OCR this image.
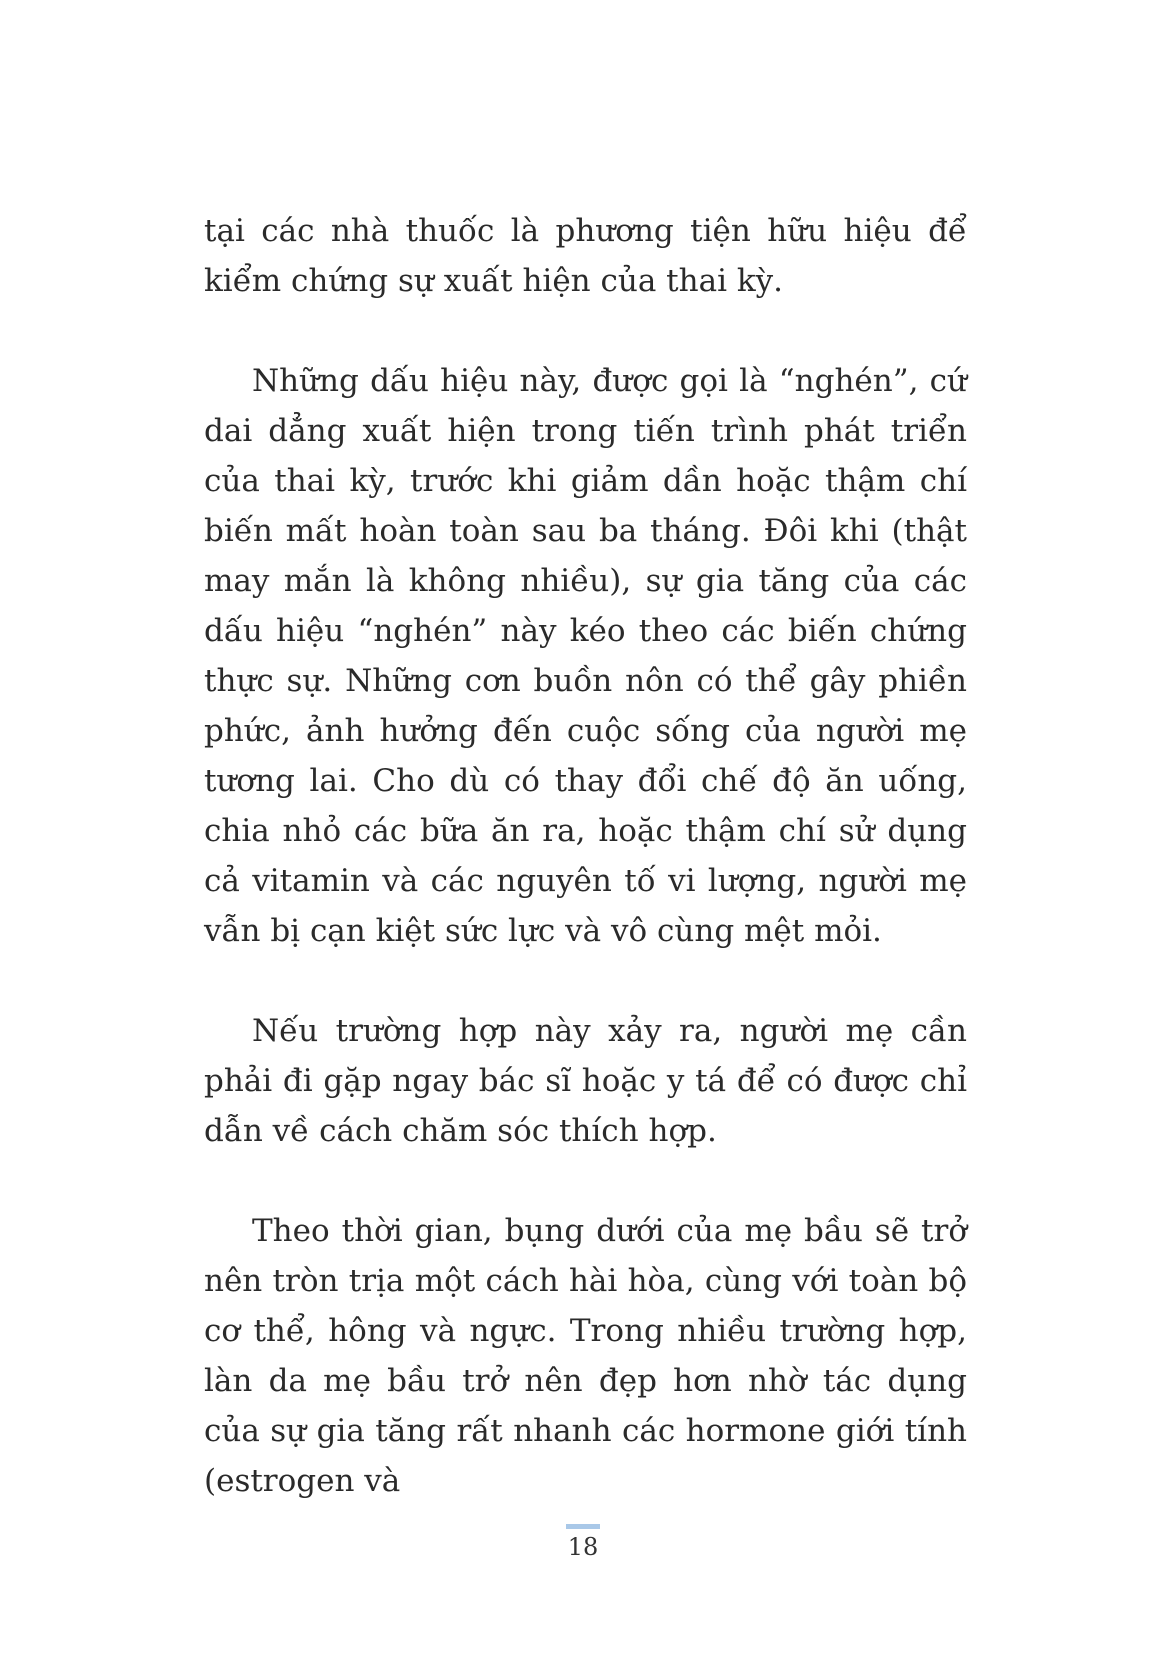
tại các nhà thuốc là phương tiện hữu hiệu để kiểm chứng sự xuất hiện của thai kỳ.

Những dấu hiệu này, được gọi là “nghén”, cứ dai dẳng xuất hiện trong tiến trình phát triển của thai kỳ, trước khi giảm dần hoặc thậm chí biến mất hoàn toàn sau ba tháng. Đôi khi (thật may mắn là không nhiều), sự gia tăng của các dấu hiệu “nghén” này kéo theo các biến chứng thực sự. Những cơn buồn nôn có thể gây phiền phức, ảnh hưởng đến cuộc sống của người mẹ tương lai. Cho dù có thay đổi chế độ ăn uống, chia nhỏ các bữa ăn ra, hoặc thậm chí sử dụng cả vitamin và các nguyên tố vi lượng, người mẹ vẫn bị cạn kiệt sức lực và vô cùng mệt mỏi.

Nếu trường hợp này xảy ra, người mẹ cần phải đi gặp ngay bác sĩ hoặc y tá để có được chỉ dẫn về cách chăm sóc thích hợp.

Theo thời gian, bụng dưới của mẹ bầu sẽ trở nên tròn trịa một cách hài hòa, cùng với toàn bộ cơ thể, hông và ngực. Trong nhiều trường hợp, làn da mẹ bầu trở nên đẹp hơn nhờ tác dụng của sự gia tăng rất nhanh các hormone giới tính (estrogen và

18
